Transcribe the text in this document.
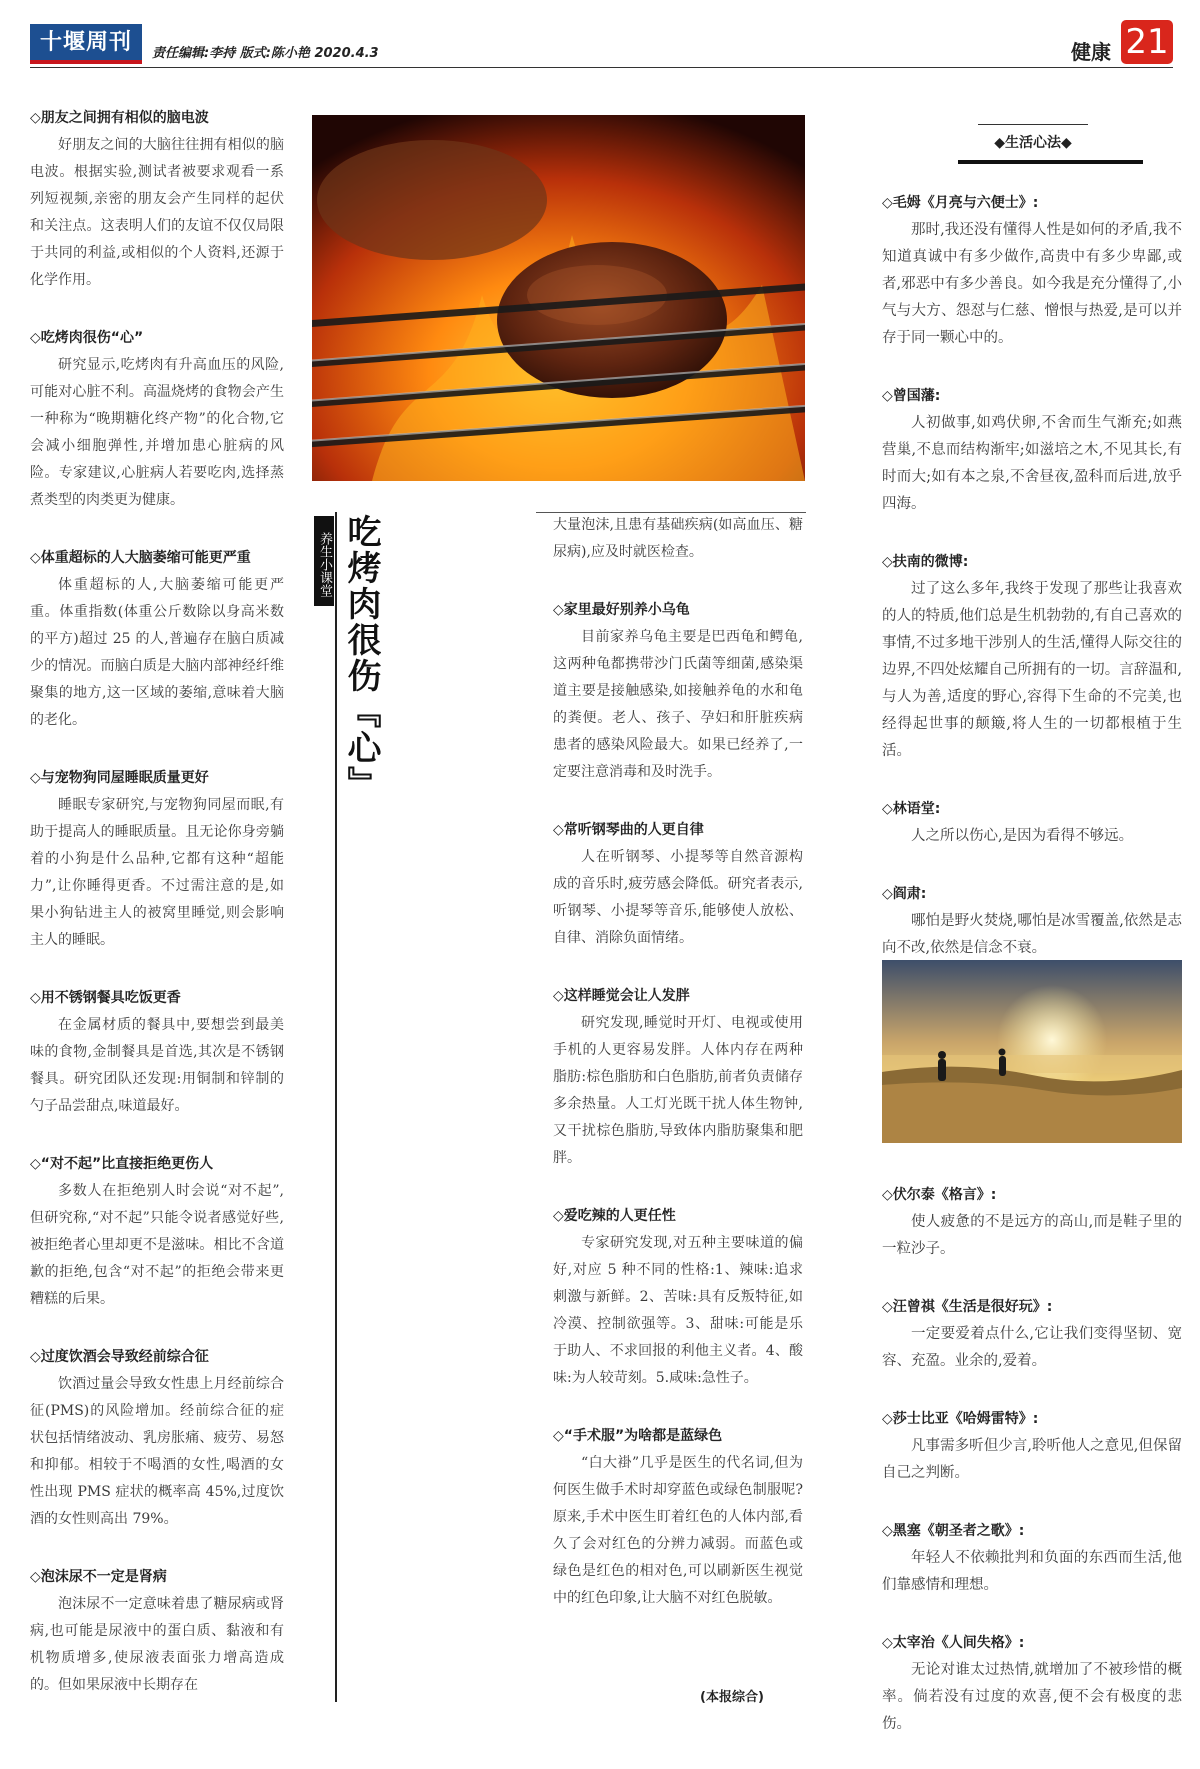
十堰周刊	责任编辑:李持 版式:陈小艳 2020.4.3	健康 21

◇朋友之间拥有相似的脑电波

好朋友之间的大脑往往拥有相似的脑电波。根据实验,测试者被要求观看一系列短视频,亲密的朋友会产生同样的起伏和关注点。这表明人们的友谊不仅仅局限于共同的利益,或相似的个人资料,还源于化学作用。

◇吃烤肉很伤“心”

研究显示,吃烤肉有升高血压的风险,可能对心脏不利。高温烧烤的食物会产生一种称为“晚期糖化终产物”的化合物,它会减小细胞弹性,并增加患心脏病的风险。专家建议,心脏病人若要吃肉,选择蒸煮类型的肉类更为健康。

◇体重超标的人大脑萎缩可能更严重

体重超标的人,大脑萎缩可能更严重。体重指数(体重公斤数除以身高米数的平方)超过 25 的人,普遍存在脑白质减少的情况。而脑白质是大脑内部神经纤维聚集的地方,这一区域的萎缩,意味着大脑的老化。

◇与宠物狗同屋睡眠质量更好

睡眠专家研究,与宠物狗同屋而眠,有助于提高人的睡眠质量。且无论你身旁躺着的小狗是什么品种,它都有这种“超能力”,让你睡得更香。不过需注意的是,如果小狗钻进主人的被窝里睡觉,则会影响主人的睡眠。

◇用不锈钢餐具吃饭更香

在金属材质的餐具中,要想尝到最美味的食物,金制餐具是首选,其次是不锈钢餐具。研究团队还发现:用铜制和锌制的勺子品尝甜点,味道最好。

◇“对不起”比直接拒绝更伤人

多数人在拒绝别人时会说“对不起”,但研究称,“对不起”只能令说者感觉好些,被拒绝者心里却更不是滋味。相比不含道歉的拒绝,包含“对不起”的拒绝会带来更糟糕的后果。

◇过度饮酒会导致经前综合征

饮酒过量会导致女性患上月经前综合征(PMS)的风险增加。经前综合征的症状包括情绪波动、乳房胀痛、疲劳、易怒和抑郁。相较于不喝酒的女性,喝酒的女性出现 PMS 症状的概率高 45%,过度饮酒的女性则高出 79%。

◇泡沫尿不一定是肾病

泡沫尿不一定意味着患了糖尿病或肾病,也可能是尿液中的蛋白质、黏液和有机物质增多,使尿液表面张力增高造成的。但如果尿液中长期存在

养生小课堂 吃烤肉很伤『心』	大量泡沫,且患有基础疾病(如高血压、糖尿病),应及时就医检查。

◇家里最好别养小乌龟

目前家养乌龟主要是巴西龟和鳄龟,这两种龟都携带沙门氏菌等细菌,感染渠道主要是接触感染,如接触养龟的水和龟的粪便。老人、孩子、孕妇和肝脏疾病患者的感染风险最大。如果已经养了,一定要注意消毒和及时洗手。

◇常听钢琴曲的人更自律

人在听钢琴、小提琴等自然音源构成的音乐时,疲劳感会降低。研究者表示,听钢琴、小提琴等音乐,能够使人放松、自律、消除负面情绪。

◇这样睡觉会让人发胖

研究发现,睡觉时开灯、电视或使用手机的人更容易发胖。人体内存在两种脂肪:棕色脂肪和白色脂肪,前者负责储存多余热量。人工灯光既干扰人体生物钟,又干扰棕色脂肪,导致体内脂肪聚集和肥胖。

◇爱吃辣的人更任性

专家研究发现,对五种主要味道的偏好,对应 5 种不同的性格:1、辣味:追求刺激与新鲜。2、苦味:具有反叛特征,如冷漠、控制欲强等。3、甜味:可能是乐于助人、不求回报的利他主义者。4、酸味:为人较苛刻。5.咸味:急性子。

◇“手术服”为啥都是蓝绿色

“白大褂”几乎是医生的代名词,但为何医生做手术时却穿蓝色或绿色制服呢?原来,手术中医生盯着红色的人体内部,看久了会对红色的分辨力减弱。而蓝色或绿色是红色的相对色,可以刷新医生视觉中的红色印象,让大脑不对红色脱敏。

(本报综合)
◆生活心法◆

◇毛姆《月亮与六便士》:

那时,我还没有懂得人性是如何的矛盾,我不知道真诚中有多少做作,高贵中有多少卑鄙,或者,邪恶中有多少善良。如今我是充分懂得了,小气与大方、怨怼与仁慈、憎恨与热爱,是可以并存于同一颗心中的。

◇曾国藩:

人初做事,如鸡伏卵,不舍而生气渐充;如燕营巢,不息而结构渐牢;如滋培之木,不见其长,有时而大;如有本之泉,不舍昼夜,盈科而后进,放乎四海。

◇扶南的微博:

过了这么多年,我终于发现了那些让我喜欢的人的特质,他们总是生机勃勃的,有自己喜欢的事情,不过多地干涉别人的生活,懂得人际交往的边界,不四处炫耀自己所拥有的一切。言辞温和,与人为善,适度的野心,容得下生命的不完美,也经得起世事的颠簸,将人生的一切都根植于生活。

◇林语堂:

人之所以伤心,是因为看得不够远。

◇阎肃:

哪怕是野火焚烧,哪怕是冰雪覆盖,依然是志向不改,依然是信念不衰。

◇伏尔泰《格言》:

使人疲惫的不是远方的高山,而是鞋子里的一粒沙子。

◇汪曾祺《生活是很好玩》:

一定要爱着点什么,它让我们变得坚韧、宽容、充盈。业余的,爱着。

◇莎士比亚《哈姆雷特》:

凡事需多听但少言,聆听他人之意见,但保留自己之判断。

◇黑塞《朝圣者之歌》:

年轻人不依赖批判和负面的东西而生活,他们靠感情和理想。

◇太宰治《人间失格》:

无论对谁太过热情,就增加了不被珍惜的概率。倘若没有过度的欢喜,便不会有极度的悲伤。
